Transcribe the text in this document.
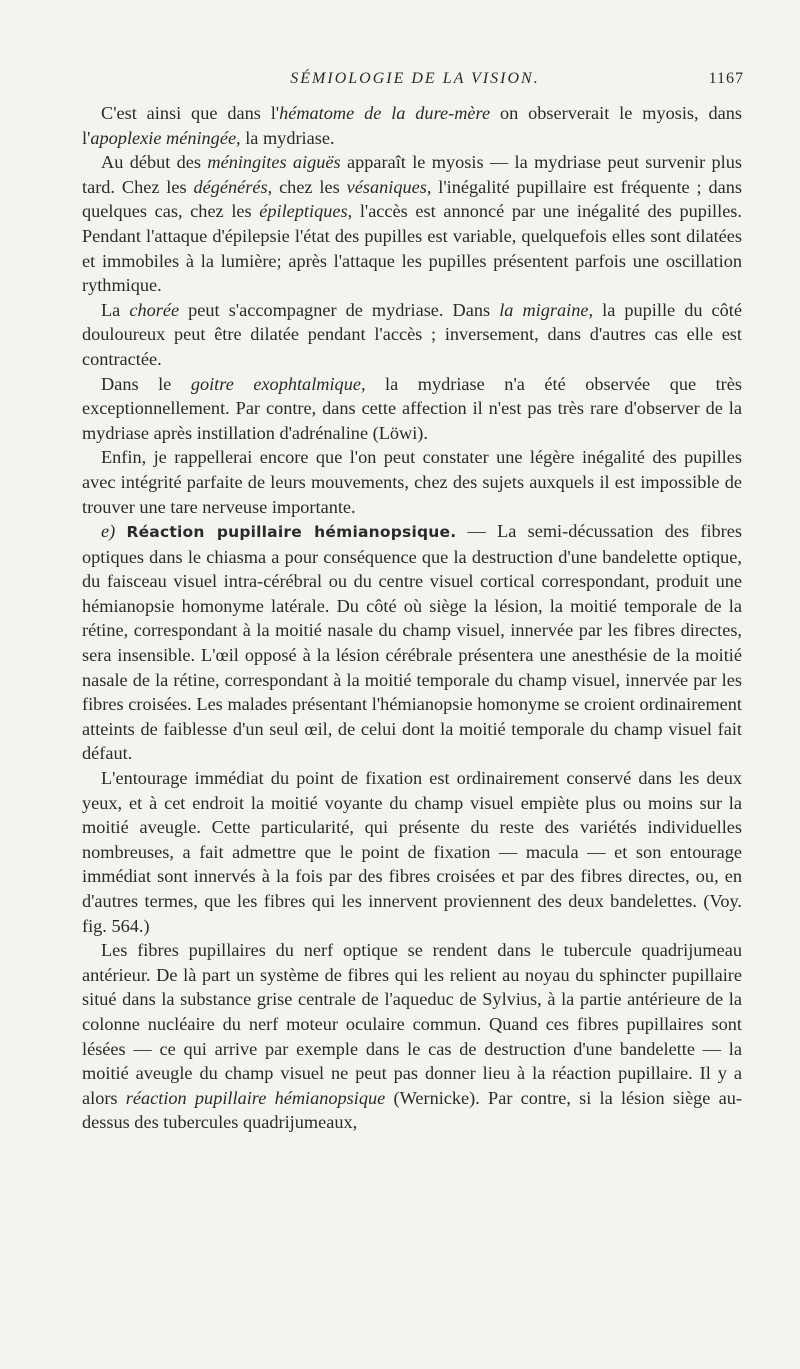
SÉMIOLOGIE DE LA VISION.	1167

C'est ainsi que dans l'hématome de la dure-mère on observerait le myosis, dans l'apoplexie méningée, la mydriase.

Au début des méningites aiguës apparaît le myosis — la mydriase peut survenir plus tard. Chez les dégénérés, chez les vésaniques, l'inégalité pupillaire est fréquente ; dans quelques cas, chez les épileptiques, l'accès est annoncé par une inégalité des pupilles. Pendant l'attaque d'épilepsie l'état des pupilles est variable, quelquefois elles sont dilatées et immobiles à la lumière; après l'attaque les pupilles présentent parfois une oscillation rythmique.

La chorée peut s'accompagner de mydriase. Dans la migraine, la pupille du côté douloureux peut être dilatée pendant l'accès ; inversement, dans d'autres cas elle est contractée.

Dans le goitre exophtalmique, la mydriase n'a été observée que très exceptionnellement. Par contre, dans cette affection il n'est pas très rare d'observer de la mydriase après instillation d'adrénaline (Löwi).

Enfin, je rappellerai encore que l'on peut constater une légère inégalité des pupilles avec intégrité parfaite de leurs mouvements, chez des sujets auxquels il est impossible de trouver une tare nerveuse importante.

e) Réaction pupillaire hémianopsique. — La semi-décussation des fibres optiques dans le chiasma a pour conséquence que la destruction d'une bandelette optique, du faisceau visuel intra-cérébral ou du centre visuel cortical correspondant, produit une hémianopsie homonyme latérale. Du côté où siège la lésion, la moitié temporale de la rétine, correspondant à la moitié nasale du champ visuel, innervée par les fibres directes, sera insensible. L'œil opposé à la lésion cérébrale présentera une anesthésie de la moitié nasale de la rétine, correspondant à la moitié temporale du champ visuel, innervée par les fibres croisées. Les malades présentant l'hémianopsie homonyme se croient ordinairement atteints de faiblesse d'un seul œil, de celui dont la moitié temporale du champ visuel fait défaut.

L'entourage immédiat du point de fixation est ordinairement conservé dans les deux yeux, et à cet endroit la moitié voyante du champ visuel empiète plus ou moins sur la moitié aveugle. Cette particularité, qui présente du reste des variétés individuelles nombreuses, a fait admettre que le point de fixation — macula — et son entourage immédiat sont innervés à la fois par des fibres croisées et par des fibres directes, ou, en d'autres termes, que les fibres qui les innervent proviennent des deux bandelettes. (Voy. fig. 564.)

Les fibres pupillaires du nerf optique se rendent dans le tubercule quadrijumeau antérieur. De là part un système de fibres qui les relient au noyau du sphincter pupillaire situé dans la substance grise centrale de l'aqueduc de Sylvius, à la partie antérieure de la colonne nucléaire du nerf moteur oculaire commun. Quand ces fibres pupillaires sont lésées — ce qui arrive par exemple dans le cas de destruction d'une bandelette — la moitié aveugle du champ visuel ne peut pas donner lieu à la réaction pupillaire. Il y a alors réaction pupillaire hémianopsique (Wernicke). Par contre, si la lésion siège au-dessus des tubercules quadrijumeaux,
